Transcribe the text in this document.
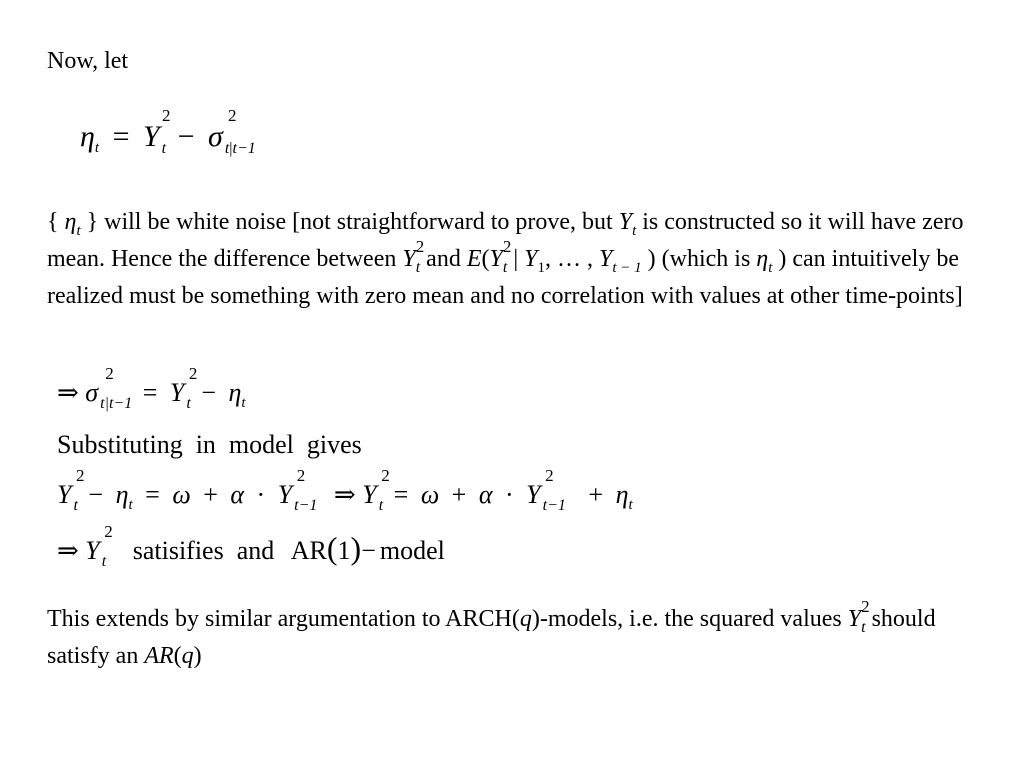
Now, let
$\eta_t = Y$
2
$_t$ − σ
2
$_{t|t-1}$

{ $\eta_t$ } will be white noise [not straightforward to prove, but $Y_t$ is constructed so it will have zero mean. Hence the difference between Y 2
$_t$ and E(Y 2
$_t$ | $Y_1$, … , $Y_{t - 1}$ ) (which is $\eta_t$ ) can intuitively be realized must be something with zero mean and no correlation with values at other time-points]

⇒ σ
2
$_{t|t-1}$ = Y
2
$_t - \eta_t$
Substituting  in  model  gives
Y
2
$_t - \eta_t = \omega + \alpha \cdot Y$
2
$_{t-1}$ ⇒ Y
2
$_t$ = ω + α · Y
2
$_{t-1} + \eta_t$
⇒ Y
2
$_t$ satisifies  and AR(1)− model

This extends by similar argumentation to ARCH(q)-models, i.e. the squared values Y 2
$_t$ should satisfy an AR(q)
